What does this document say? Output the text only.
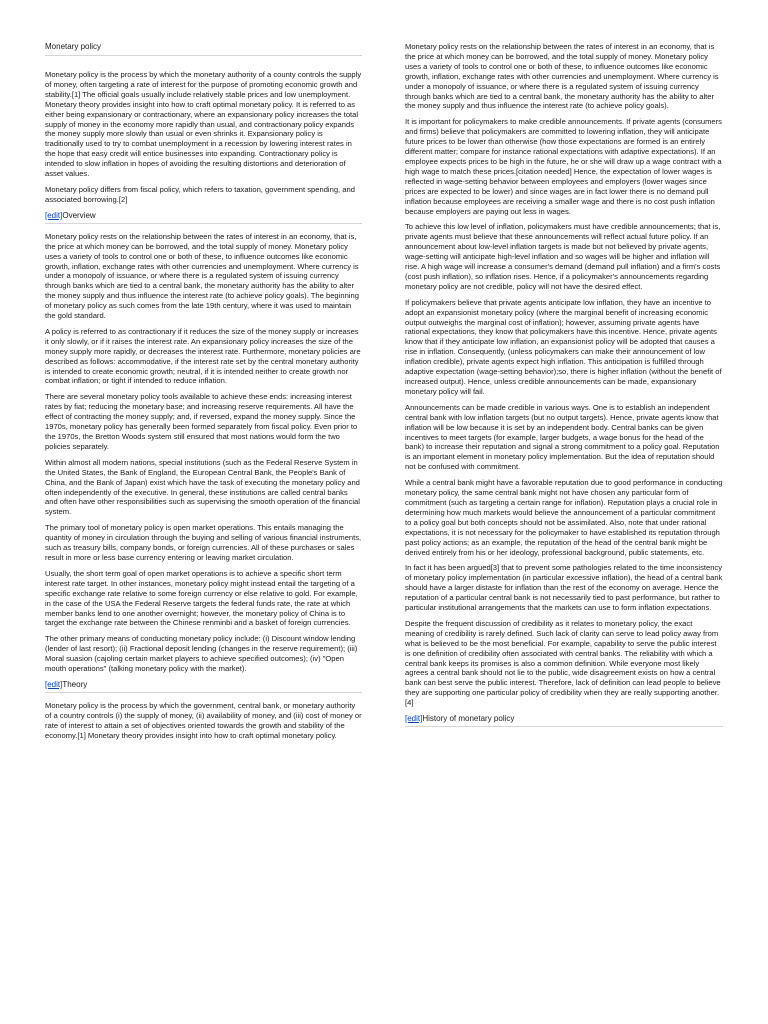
Monetary policy

Monetary policy is the process by which the monetary authority of a county controls the supply of money, often targeting a rate of interest for the purpose of promoting economic growth and stability.[1] The official goals usually include relatively stable prices and low unemployment. Monetary theory provides insight into how to craft optimal monetary policy. It is referred to as either being expansionary or contractionary, where an expansionary policy increases the total supply of money in the economy more rapidly than usual, and contractionary policy expands the money supply more slowly than usual or even shrinks it. Expansionary policy is traditionally used to try to combat unemployment in a recession by lowering interest rates in the hope that easy credit will entice businesses into expanding. Contractionary policy is intended to slow inflation in hopes of avoiding the resulting distortions and deterioration of asset values.

Monetary policy differs from fiscal policy, which refers to taxation, government spending, and associated borrowing.[2]

[edit]Overview

Monetary policy rests on the relationship between the rates of interest in an economy, that is, the price at which money can be borrowed, and the total supply of money. Monetary policy uses a variety of tools to control one or both of these, to influence outcomes like economic growth, inflation, exchange rates with other currencies and unemployment. Where currency is under a monopoly of issuance, or where there is a regulated system of issuing currency through banks which are tied to a central bank, the monetary authority has the ability to alter the money supply and thus influence the interest rate (to achieve policy goals). The beginning of monetary policy as such comes from the late 19th century, where it was used to maintain the gold standard.

A policy is referred to as contractionary if it reduces the size of the money supply or increases it only slowly, or if it raises the interest rate. An expansionary policy increases the size of the money supply more rapidly, or decreases the interest rate. Furthermore, monetary policies are described as follows: accommodative, if the interest rate set by the central monetary authority is intended to create economic growth; neutral, if it is intended neither to create growth nor combat inflation; or tight if intended to reduce inflation.

There are several monetary policy tools available to achieve these ends: increasing interest rates by fiat; reducing the monetary base; and increasing reserve requirements. All have the effect of contracting the money supply; and, if reversed, expand the money supply. Since the 1970s, monetary policy has generally been formed separately from fiscal policy. Even prior to the 1970s, the Bretton Woods system still ensured that most nations would form the two policies separately.

Within almost all modern nations, special institutions (such as the Federal Reserve System in the United States, the Bank of England, the European Central Bank, the People's Bank of China, and the Bank of Japan) exist which have the task of executing the monetary policy and often independently of the executive. In general, these institutions are called central banks and often have other responsibilities such as supervising the smooth operation of the financial system.

The primary tool of monetary policy is open market operations. This entails managing the quantity of money in circulation through the buying and selling of various financial instruments, such as treasury bills, company bonds, or foreign currencies. All of these purchases or sales result in more or less base currency entering or leaving market circulation.

Usually, the short term goal of open market operations is to achieve a specific short term interest rate target. In other instances, monetary policy might instead entail the targeting of a specific exchange rate relative to some foreign currency or else relative to gold. For example, in the case of the USA the Federal Reserve targets the federal funds rate, the rate at which member banks lend to one another overnight; however, the monetary policy of China is to target the exchange rate between the Chinese renminbi and a basket of foreign currencies.

The other primary means of conducting monetary policy include: (i) Discount window lending (lender of last resort); (ii) Fractional deposit lending (changes in the reserve requirement); (iii) Moral suasion (cajoling certain market players to achieve specified outcomes); (iv) "Open mouth operations" (talking monetary policy with the market).

[edit]Theory

Monetary policy is the process by which the government, central bank, or monetary authority of a country controls (i) the supply of money, (ii) availability of money, and (iii) cost of money or rate of interest to attain a set of objectives oriented towards the growth and stability of the economy.[1] Monetary theory provides insight into how to craft optimal monetary policy.

Monetary policy rests on the relationship between the rates of interest in an economy, that is the price at which money can be borrowed, and the total supply of money. Monetary policy uses a variety of tools to control one or both of these, to influence outcomes like economic growth, inflation, exchange rates with other currencies and unemployment. Where currency is under a monopoly of issuance, or where there is a regulated system of issuing currency through banks which are tied to a central bank, the monetary authority has the ability to alter the money supply and thus influence the interest rate (to achieve policy goals).

It is important for policymakers to make credible announcements. If private agents (consumers and firms) believe that policymakers are committed to lowering inflation, they will anticipate future prices to be lower than otherwise (how those expectations are formed is an entirely different matter; compare for instance rational expectations with adaptive expectations). If an employee expects prices to be high in the future, he or she will draw up a wage contract with a high wage to match these prices.[citation needed] Hence, the expectation of lower wages is reflected in wage-setting behavior between employees and employers (lower wages since prices are expected to be lower) and since wages are in fact lower there is no demand pull inflation because employees are receiving a smaller wage and there is no cost push inflation because employers are paying out less in wages.

To achieve this low level of inflation, policymakers must have credible announcements; that is, private agents must believe that these announcements will reflect actual future policy. If an announcement about low-level inflation targets is made but not believed by private agents, wage-setting will anticipate high-level inflation and so wages will be higher and inflation will rise. A high wage will increase a consumer's demand (demand pull inflation) and a firm's costs (cost push inflation), so inflation rises. Hence, if a policymaker's announcements regarding monetary policy are not credible, policy will not have the desired effect.

If policymakers believe that private agents anticipate low inflation, they have an incentive to adopt an expansionist monetary policy (where the marginal benefit of increasing economic output outweighs the marginal cost of inflation); however, assuming private agents have rational expectations, they know that policymakers have this incentive. Hence, private agents know that if they anticipate low inflation, an expansionist policy will be adopted that causes a rise in inflation. Consequently, (unless policymakers can make their announcement of low inflation credible), private agents expect high inflation. This anticipation is fulfilled through adaptive expectation (wage-setting behavior);so, there is higher inflation (without the benefit of increased output). Hence, unless credible announcements can be made, expansionary monetary policy will fail.

Announcements can be made credible in various ways. One is to establish an independent central bank with low inflation targets (but no output targets). Hence, private agents know that inflation will be low because it is set by an independent body. Central banks can be given incentives to meet targets (for example, larger budgets, a wage bonus for the head of the bank) to increase their reputation and signal a strong commitment to a policy goal. Reputation is an important element in monetary policy implementation. But the idea of reputation should not be confused with commitment.

While a central bank might have a favorable reputation due to good performance in conducting monetary policy, the same central bank might not have chosen any particular form of commitment (such as targeting a certain range for inflation). Reputation plays a crucial role in determining how much markets would believe the announcement of a particular commitment to a policy goal but both concepts should not be assimilated. Also, note that under rational expectations, it is not necessary for the policymaker to have established its reputation through past policy actions; as an example, the reputation of the head of the central bank might be derived entirely from his or her ideology, professional background, public statements, etc.

In fact it has been argued[3] that to prevent some pathologies related to the time inconsistency of monetary policy implementation (in particular excessive inflation), the head of a central bank should have a larger distaste for inflation than the rest of the economy on average. Hence the reputation of a particular central bank is not necessarily tied to past performance, but rather to particular institutional arrangements that the markets can use to form inflation expectations.

Despite the frequent discussion of credibility as it relates to monetary policy, the exact meaning of credibility is rarely defined. Such lack of clarity can serve to lead policy away from what is believed to be the most beneficial. For example, capability to serve the public interest is one definition of credibility often associated with central banks. The reliability with which a central bank keeps its promises is also a common definition. While everyone most likely agrees a central bank should not lie to the public, wide disagreement exists on how a central bank can best serve the public interest. Therefore, lack of definition can lead people to believe they are supporting one particular policy of credibility when they are really supporting another.[4]

[edit]History of monetary policy
